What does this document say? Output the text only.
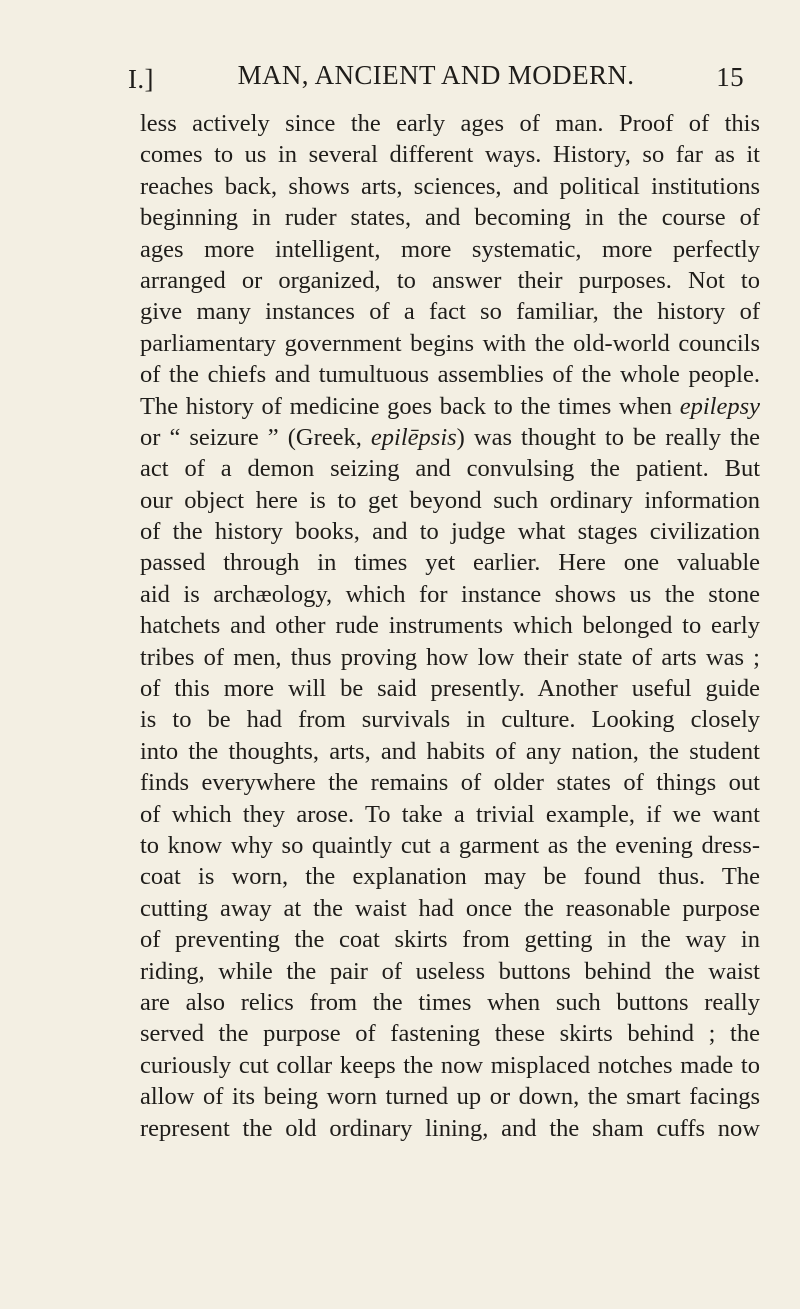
I.]	MAN, ANCIENT AND MODERN.	15
less actively since the early ages of man. Proof of this
comes to us in several different ways. History, so far as it
reaches back, shows arts, sciences, and political institutions
beginning in ruder states, and becoming in the course of
ages more intelligent, more systematic, more perfectly
arranged or organized, to answer their purposes. Not to
give many instances of a fact so familiar, the history of
parliamentary government begins with the old-world councils
of the chiefs and tumultuous assemblies of the whole people.
The history of medicine goes back to the times when epilepsy
or “ seizure ” (Greek, epilēpsis) was thought to be really the
act of a demon seizing and convulsing the patient. But
our object here is to get beyond such ordinary information
of the history books, and to judge what stages civilization
passed through in times yet earlier. Here one valuable
aid is archæology, which for instance shows us the stone
hatchets and other rude instruments which belonged to early
tribes of men, thus proving how low their state of arts was ;
of this more will be said presently. Another useful guide
is to be had from survivals in culture. Looking closely
into the thoughts, arts, and habits of any nation, the student
finds everywhere the remains of older states of things out
of which they arose. To take a trivial example, if we want
to know why so quaintly cut a garment as the evening dress-
coat is worn, the explanation may be found thus. The
cutting away at the waist had once the reasonable purpose
of preventing the coat skirts from getting in the way in
riding, while the pair of useless buttons behind the waist
are also relics from the times when such buttons really
served the purpose of fastening these skirts behind ; the
curiously cut collar keeps the now misplaced notches made to
allow of its being worn turned up or down, the smart facings
represent the old ordinary lining, and the sham cuffs now
